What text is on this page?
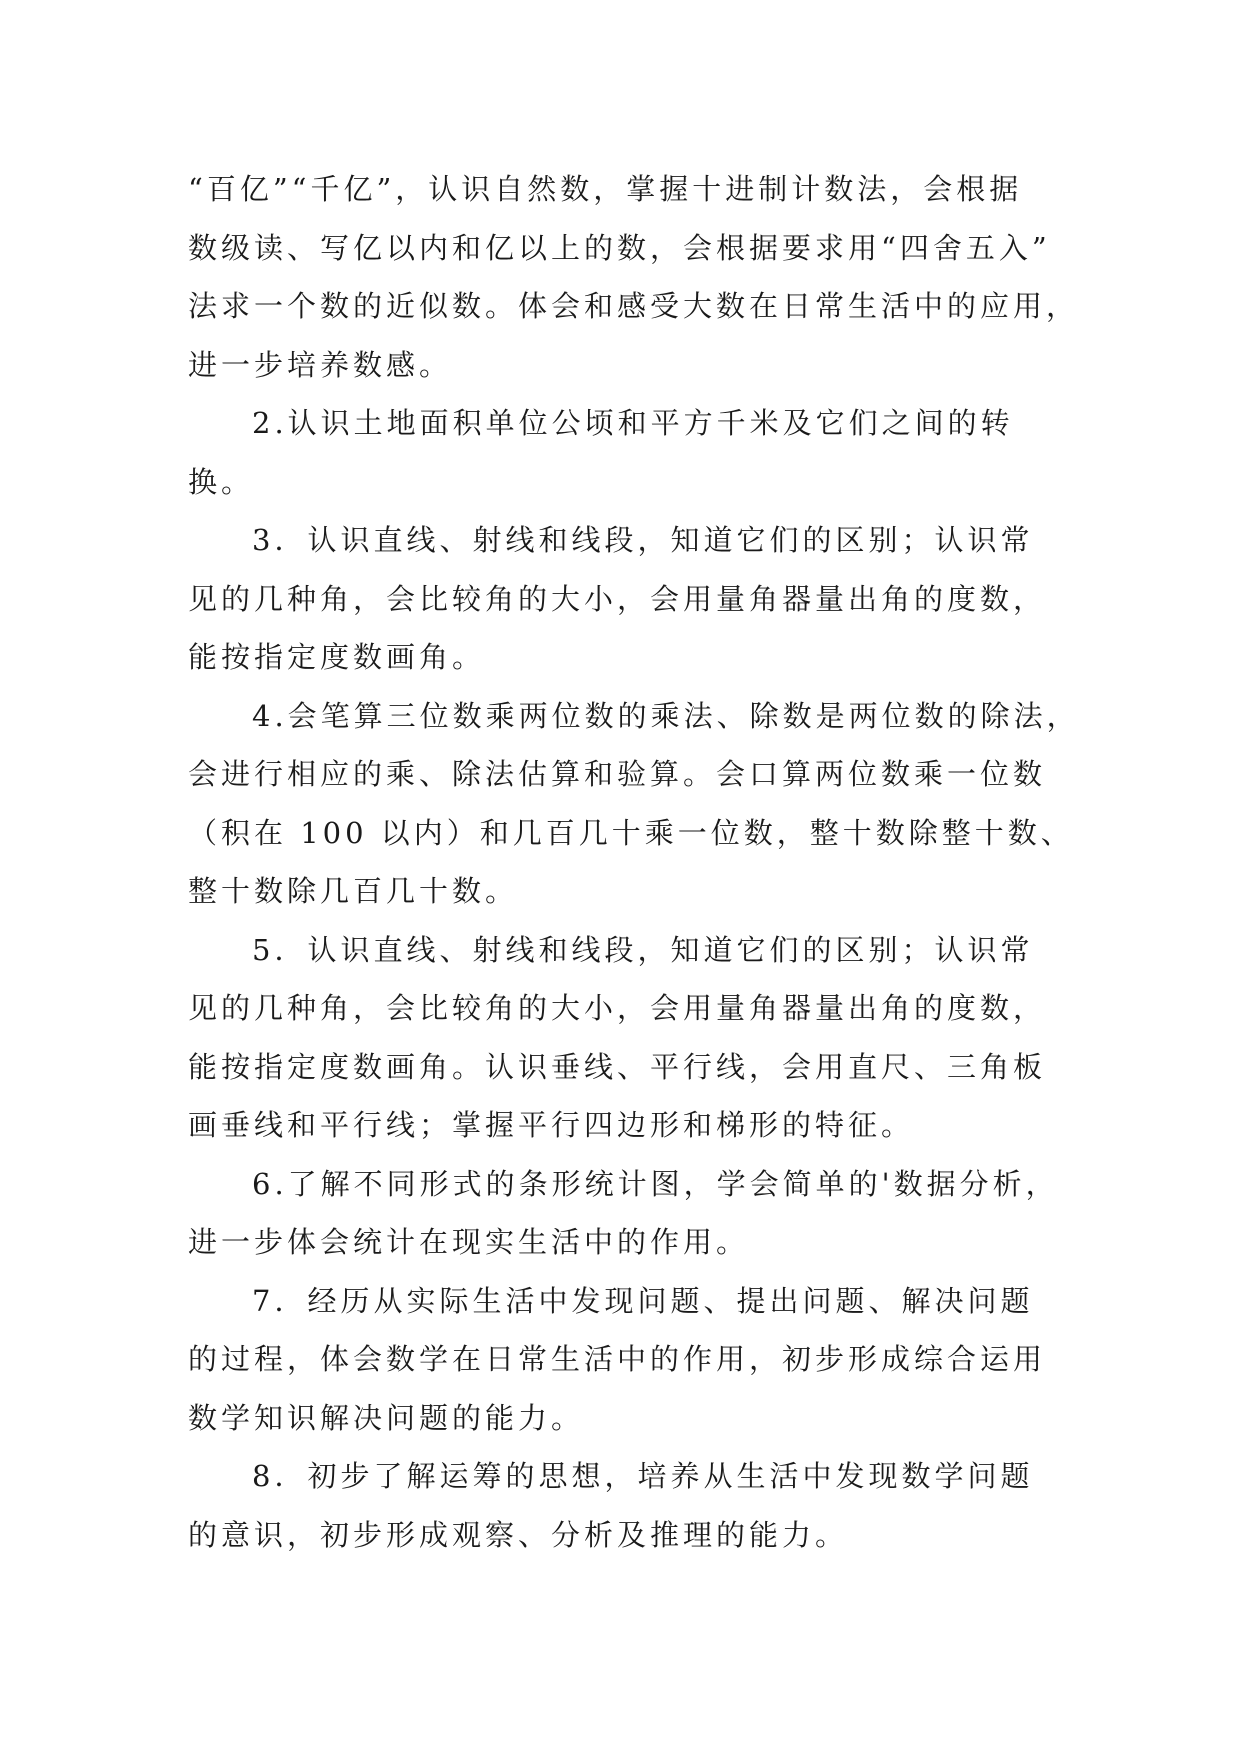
“百亿”“千亿”，认识自然数，掌握十进制计数法，会根据
数级读、写亿以内和亿以上的数，会根据要求用“四舍五入”
法求一个数的近似数。体会和感受大数在日常生活中的应用，
进一步培养数感。

2.认识土地面积单位公顷和平方千米及它们之间的转
换。

3．认识直线、射线和线段，知道它们的区别；认识常
见的几种角，会比较角的大小，会用量角器量出角的度数，
能按指定度数画角。

4.会笔算三位数乘两位数的乘法、除数是两位数的除法，
会进行相应的乘、除法估算和验算。会口算两位数乘一位数
（积在 100 以内）和几百几十乘一位数，整十数除整十数、
整十数除几百几十数。

5．认识直线、射线和线段，知道它们的区别；认识常
见的几种角，会比较角的大小，会用量角器量出角的度数，
能按指定度数画角。认识垂线、平行线，会用直尺、三角板
画垂线和平行线；掌握平行四边形和梯形的特征。

6.了解不同形式的条形统计图，学会简单的'数据分析，
进一步体会统计在现实生活中的作用。

7．经历从实际生活中发现问题、提出问题、解决问题
的过程，体会数学在日常生活中的作用，初步形成综合运用
数学知识解决问题的能力。

8．初步了解运筹的思想，培养从生活中发现数学问题
的意识，初步形成观察、分析及推理的能力。
